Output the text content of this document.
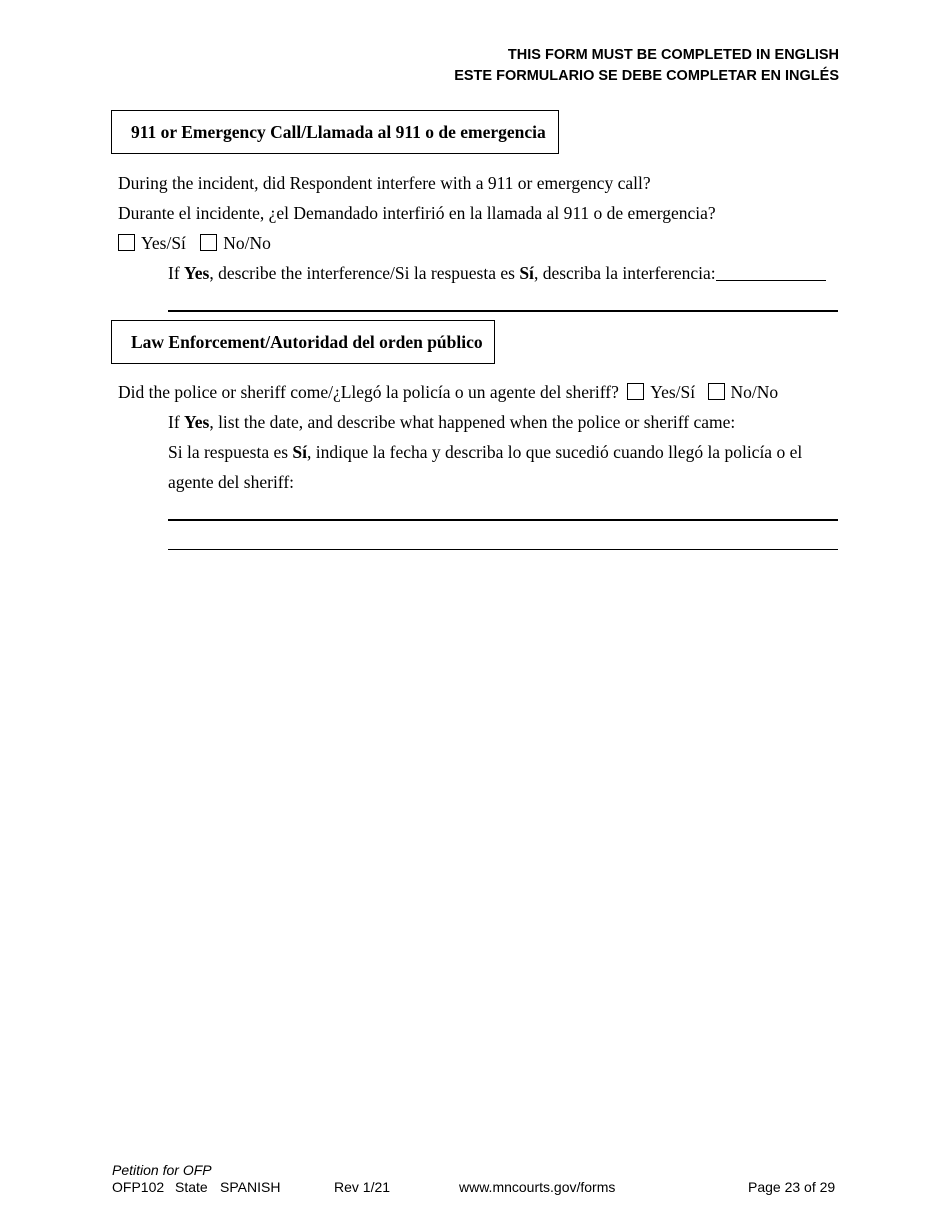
THIS FORM MUST BE COMPLETED IN ENGLISH
ESTE FORMULARIO SE DEBE COMPLETAR EN INGLÉS
911 or Emergency Call/Llamada al 911 o de emergencia
During the incident, did Respondent interfere with a 911 or emergency call?
Durante el incidente, ¿el Demandado interfirió en la llamada al 911 o de emergencia?
Yes/Sí No/No
If Yes, describe the interference/Si la respuesta es Sí, describa la interferencia:
Law Enforcement/Autoridad del orden público
Did the police or sheriff come/¿Llegó la policía o un agente del sheriff? Yes/Sí No/No
If Yes, list the date, and describe what happened when the police or sheriff came:
Si la respuesta es Sí, indique la fecha y describa lo que sucedió cuando llegó la policía o el
agente del sheriff:
Petition for OFP
OFP102 State SPANISH	Rev 1/21	www.mncourts.gov/forms	Page 23 of 29
